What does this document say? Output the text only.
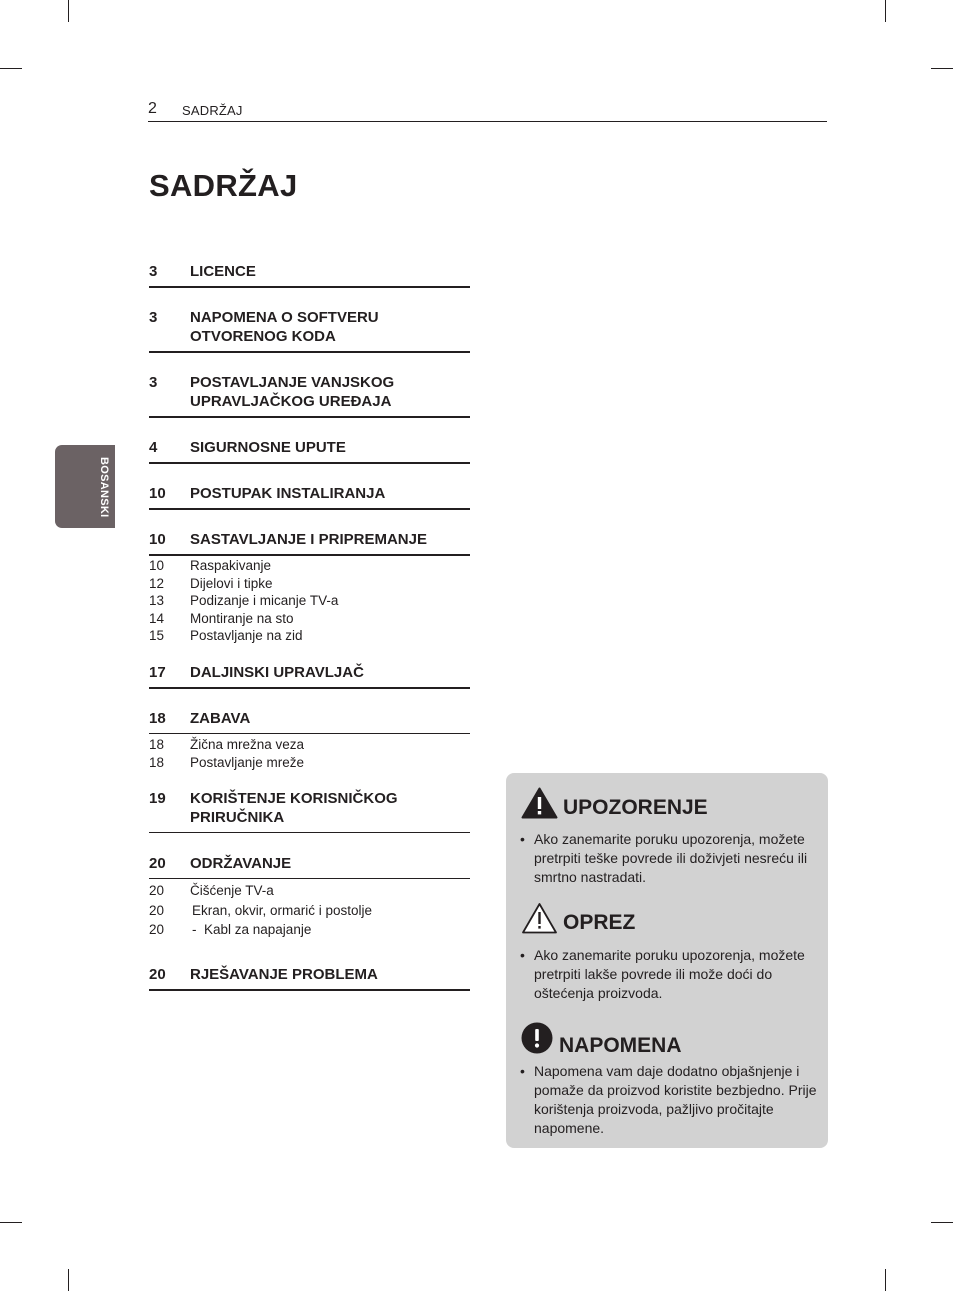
2 SADRŽAJ
SADRŽAJ
BOSANSKI
3	LICENCE
3	NAPOMENA O SOFTVERU OTVORENOG KODA
3	POSTAVLJANJE VANJSKOG UPRAVLJAČKOG UREĐAJA
4	SIGURNOSNE UPUTE
10	POSTUPAK INSTALIRANJA
10	SASTAVLJANJE I PRIPREMANJE
10	Raspakivanje
12	Dijelovi i tipke
13	Podizanje i micanje TV-a
14	Montiranje na sto
15	Postavljanje na zid
17	DALJINSKI UPRAVLJAČ
18	ZABAVA
18	Žična mrežna veza
18	Postavljanje mreže
19	KORIŠTENJE KORISNIČKOG PRIRUČNIKA
20	ODRŽAVANJE
20	Čišćenje TV-a
20	Ekran, okvir, ormarić i postolje
20	-  Kabl za napajanje
20	RJEŠAVANJE PROBLEMA
UPOZORENJE
• Ako zanemarite poruku upozorenja, možete pretrpiti teške povrede ili doživjeti nesreću ili smrtno nastradati.
OPREZ
• Ako zanemarite poruku upozorenja, možete pretrpiti lakše povrede ili može doći do oštećenja proizvoda.
NAPOMENA
• Napomena vam daje dodatno objašnjenje i pomaže da proizvod koristite bezbjedno. Prije korištenja proizvoda, pažljivo pročitajte napomene.
